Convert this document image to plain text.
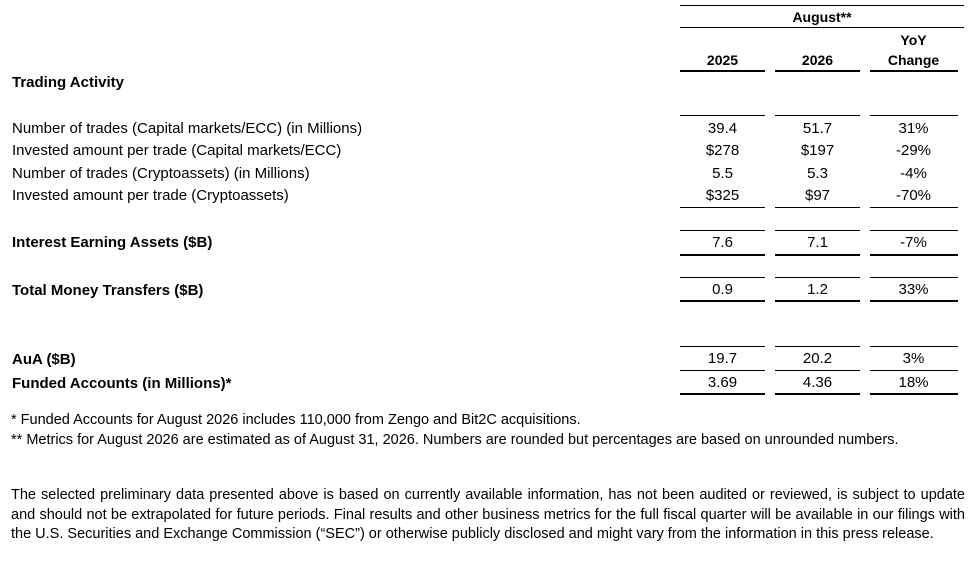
August**
2025	2026
YoY
Change
Trading Activity
Number of trades (Capital markets/ECC) (in Millions)	39.4	51.7	31%
Invested amount per trade (Capital markets/ECC)	$278	$197	-29%
Number of trades (Cryptoassets) (in Millions)	5.5	5.3	-4%
Invested amount per trade (Cryptoassets)	$325	$97	-70%
Interest Earning Assets ($B)	7.6	7.1	-7%
Total Money Transfers ($B)	0.9	1.2	33%
AuA ($B)	19.7	20.2	3%
Funded Accounts (in Millions)*	3.69	4.36	18%
* Funded Accounts for August 2026 includes 110,000 from Zengo and Bit2C acquisitions.
** Metrics for August 2026 are estimated as of August 31, 2026. Numbers are rounded but percentages are based on unrounded numbers.
The selected preliminary data presented above is based on currently available information, has not been audited or reviewed, is subject to update and should not be extrapolated for future periods. Final results and other business metrics for the full fiscal quarter will be available in our filings with the U.S. Securities and Exchange Commission (“SEC”) or otherwise publicly disclosed and might vary from the information in this press release.
